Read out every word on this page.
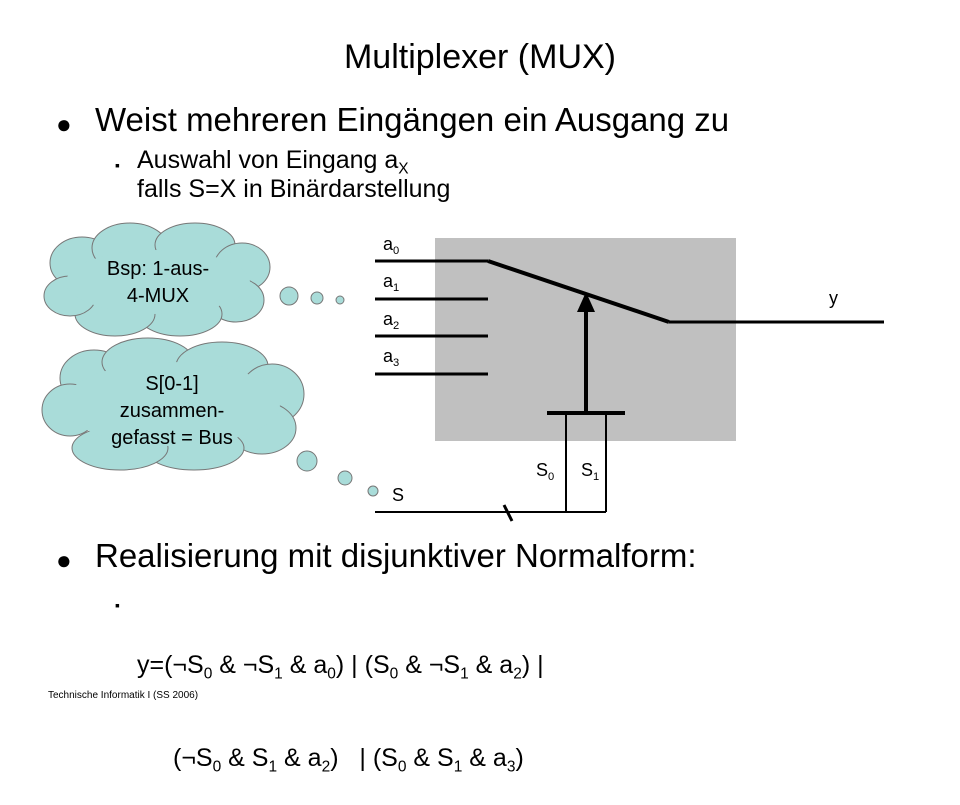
Multiplexer (MUX)
● Weist mehreren Eingängen ein Ausgang zu
▪ Auswahl von Eingang $a_X$
falls S=X in Binärdarstellung
Bsp: 1-aus-
4-MUX
S[0-1]
zusammen-
gefasst = Bus
$a_0$
$a_1$
$a_2$
$a_3$
y
$S_0$ $S_1$
S
● Realisierung mit disjunktiver Normalform:
▪

$y=(\neg S_0$ & $\neg S_1$ & $a_0$) | ($S_0$ & $\neg S_1$ & $a_2$) |

($\neg S_0$ & $S_1$ & $a_2$)   | ($S_0$ & $S_1$ & $a_3$)

Technische Informatik I (SS 2006)
